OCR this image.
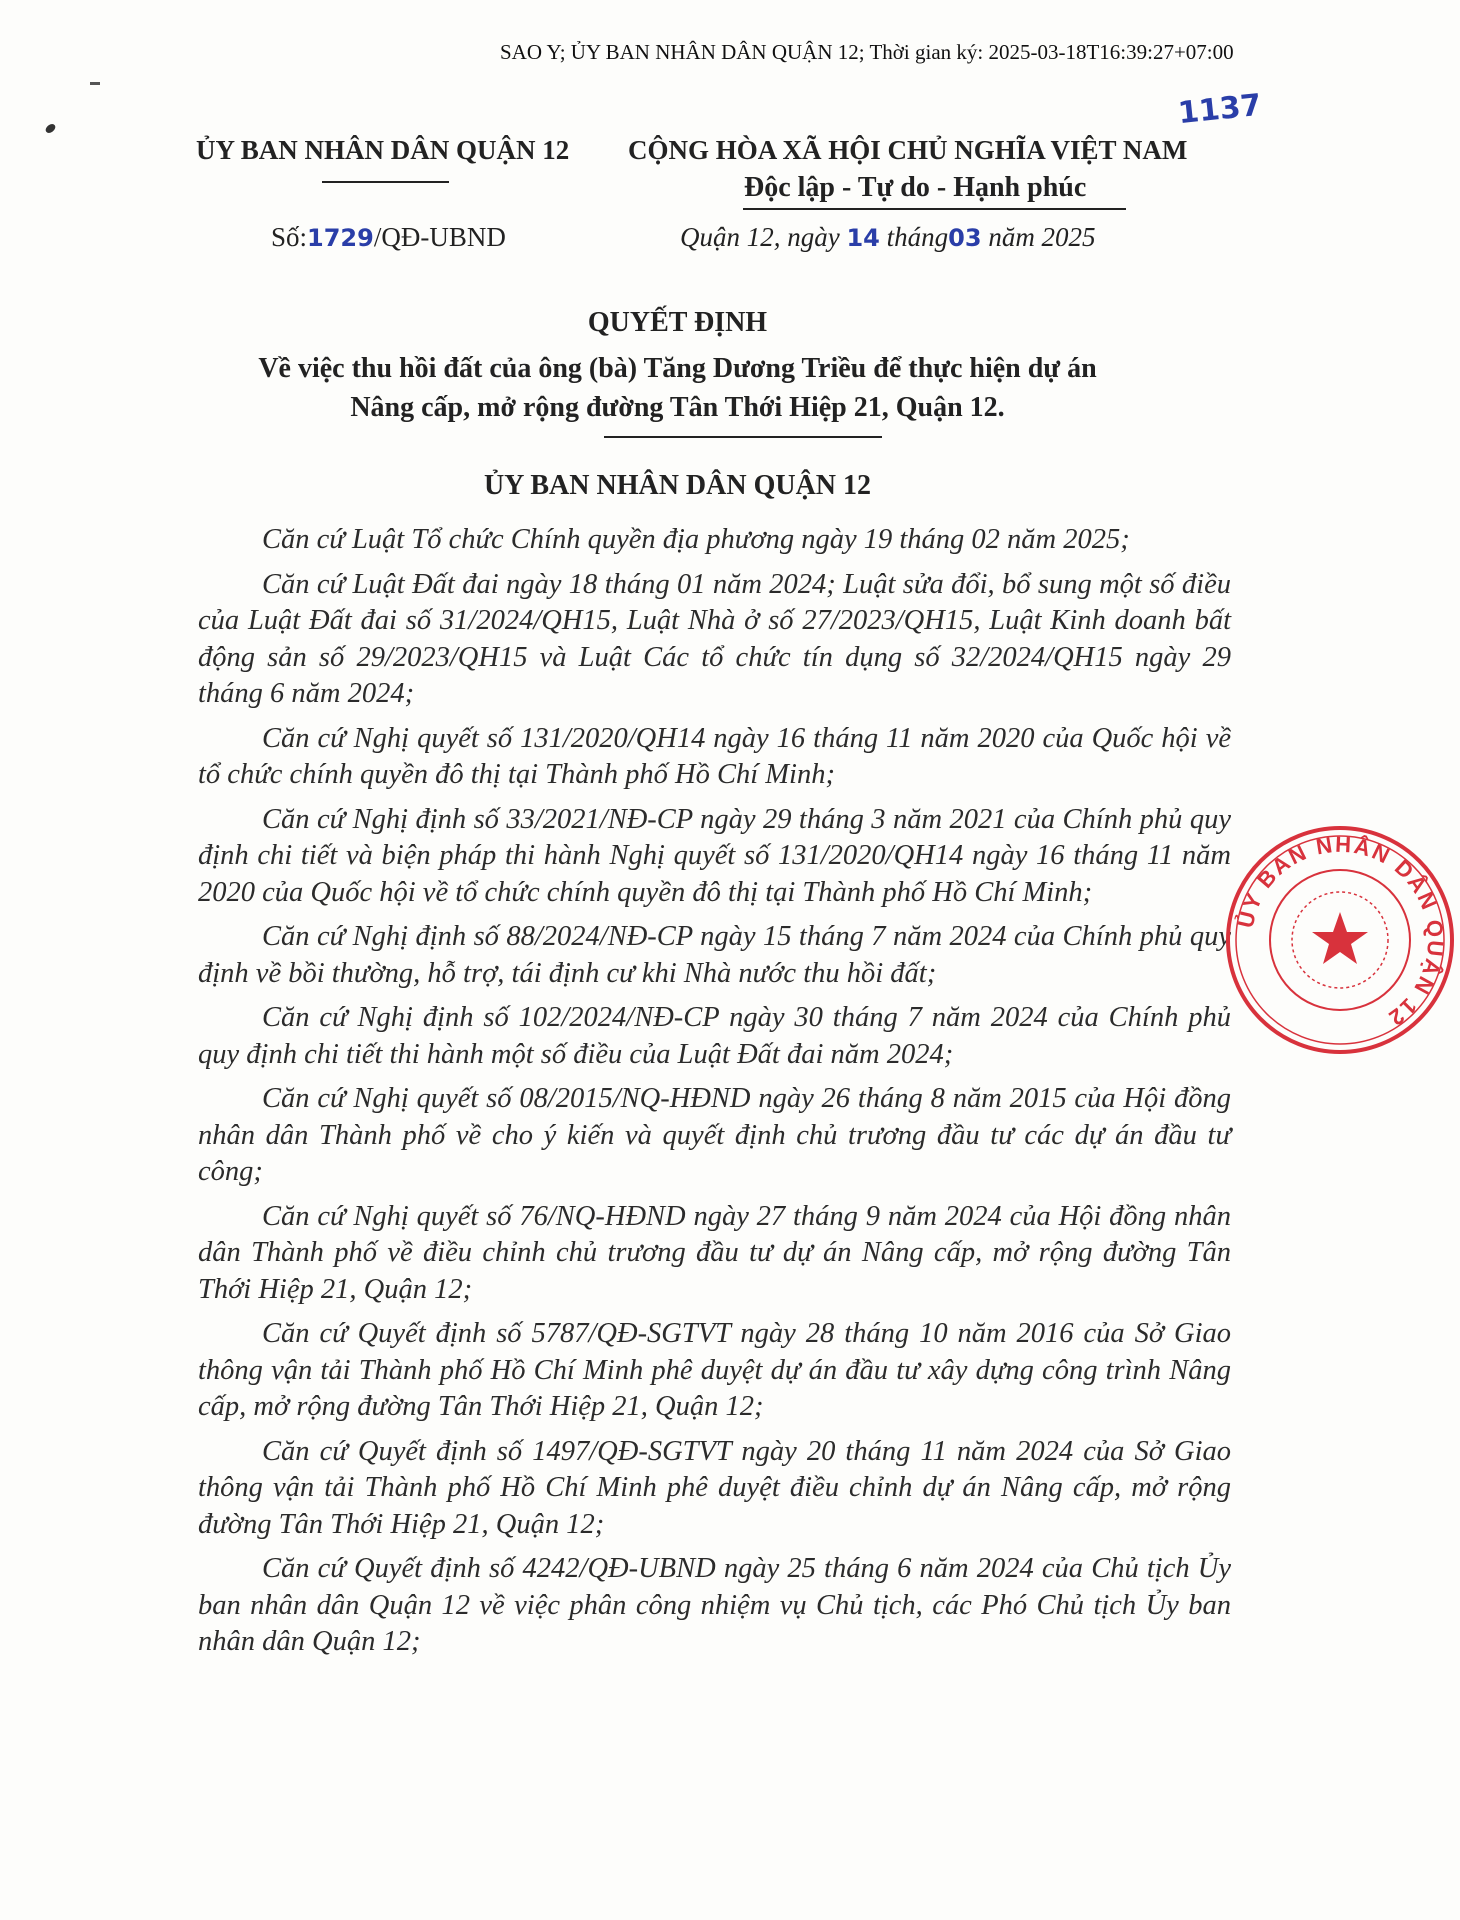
SAO Y; ỦY BAN NHÂN DÂN QUẬN 12; Thời gian ký: 2025-03-18T16:39:27+07:00
ỦY BAN NHÂN DÂN QUẬN 12 CỘNG HÒA XÃ HỘI CHỦ NGHĨA VIỆT NAM
Độc lập - Tự do - Hạnh phúc
1137
Số:1729/QĐ-UBND	Quận 12, ngày 14 tháng03 năm 2025
QUYẾT ĐỊNH
Về việc thu hồi đất của ông (bà) Tăng Dương Triều để thực hiện dự án
Nâng cấp, mở rộng đường Tân Thới Hiệp 21, Quận 12.
ỦY BAN NHÂN DÂN QUẬN 12

Căn cứ Luật Tổ chức Chính quyền địa phương ngày 19 tháng 02 năm 2025;

Căn cứ Luật Đất đai ngày 18 tháng 01 năm 2024; Luật sửa đổi, bổ sung một số điều của Luật Đất đai số 31/2024/QH15, Luật Nhà ở số 27/2023/QH15, Luật Kinh doanh bất động sản số 29/2023/QH15 và Luật Các tổ chức tín dụng số 32/2024/QH15 ngày 29 tháng 6 năm 2024;

Căn cứ Nghị quyết số 131/2020/QH14 ngày 16 tháng 11 năm 2020 của Quốc hội về tổ chức chính quyền đô thị tại Thành phố Hồ Chí Minh;

Căn cứ Nghị định số 33/2021/NĐ-CP ngày 29 tháng 3 năm 2021 của Chính phủ quy định chi tiết và biện pháp thi hành Nghị quyết số 131/2020/QH14 ngày 16 tháng 11 năm 2020 của Quốc hội về tổ chức chính quyền đô thị tại Thành phố Hồ Chí Minh;

Căn cứ Nghị định số 88/2024/NĐ-CP ngày 15 tháng 7 năm 2024 của Chính phủ quy định về bồi thường, hỗ trợ, tái định cư khi Nhà nước thu hồi đất;

Căn cứ Nghị định số 102/2024/NĐ-CP ngày 30 tháng 7 năm 2024 của Chính phủ quy định chi tiết thi hành một số điều của Luật Đất đai năm 2024;

Căn cứ Nghị quyết số 08/2015/NQ-HĐND ngày 26 tháng 8 năm 2015 của Hội đồng nhân dân Thành phố về cho ý kiến và quyết định chủ trương đầu tư các dự án đầu tư công;

Căn cứ Nghị quyết số 76/NQ-HĐND ngày 27 tháng 9 năm 2024 của Hội đồng nhân dân Thành phố về điều chỉnh chủ trương đầu tư dự án Nâng cấp, mở rộng đường Tân Thới Hiệp 21, Quận 12;

Căn cứ Quyết định số 5787/QĐ-SGTVT ngày 28 tháng 10 năm 2016 của Sở Giao thông vận tải Thành phố Hồ Chí Minh phê duyệt dự án đầu tư xây dựng công trình Nâng cấp, mở rộng đường Tân Thới Hiệp 21, Quận 12;

Căn cứ Quyết định số 1497/QĐ-SGTVT ngày 20 tháng 11 năm 2024 của Sở Giao thông vận tải Thành phố Hồ Chí Minh phê duyệt điều chỉnh dự án Nâng cấp, mở rộng đường Tân Thới Hiệp 21, Quận 12;

Căn cứ Quyết định số 4242/QĐ-UBND ngày 25 tháng 6 năm 2024 của Chủ tịch Ủy ban nhân dân Quận 12 về việc phân công nhiệm vụ Chủ tịch, các Phó Chủ tịch Ủy ban nhân dân Quận 12;

ỦY BAN NHÂN DÂN QUẬN 12
